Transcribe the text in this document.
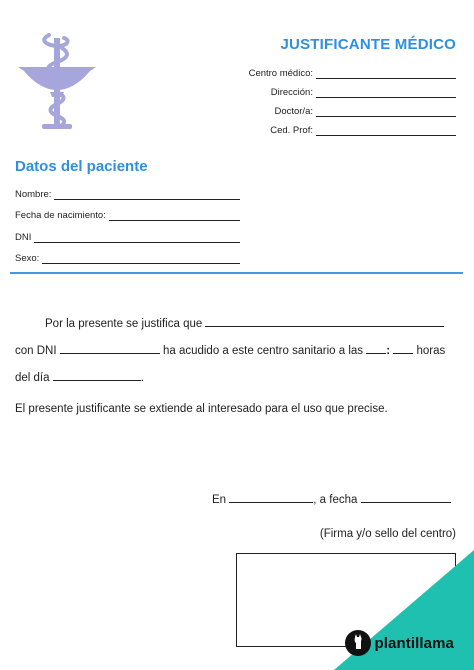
JUSTIFICANTE MÉDICO
Centro médico:
Dirección:
Doctor/a:
Ced. Prof:
Datos del paciente
Nombre:
Fecha de nacimiento:
DNI
Sexo:
Por la presente se justifica que
con DNI	ha acudido a este centro sanitario a las : horas
del día	.
El presente justificante se extiende al interesado para el uso que precise.
En	, a fecha
(Firma y/o sello del centro)
plantillama
